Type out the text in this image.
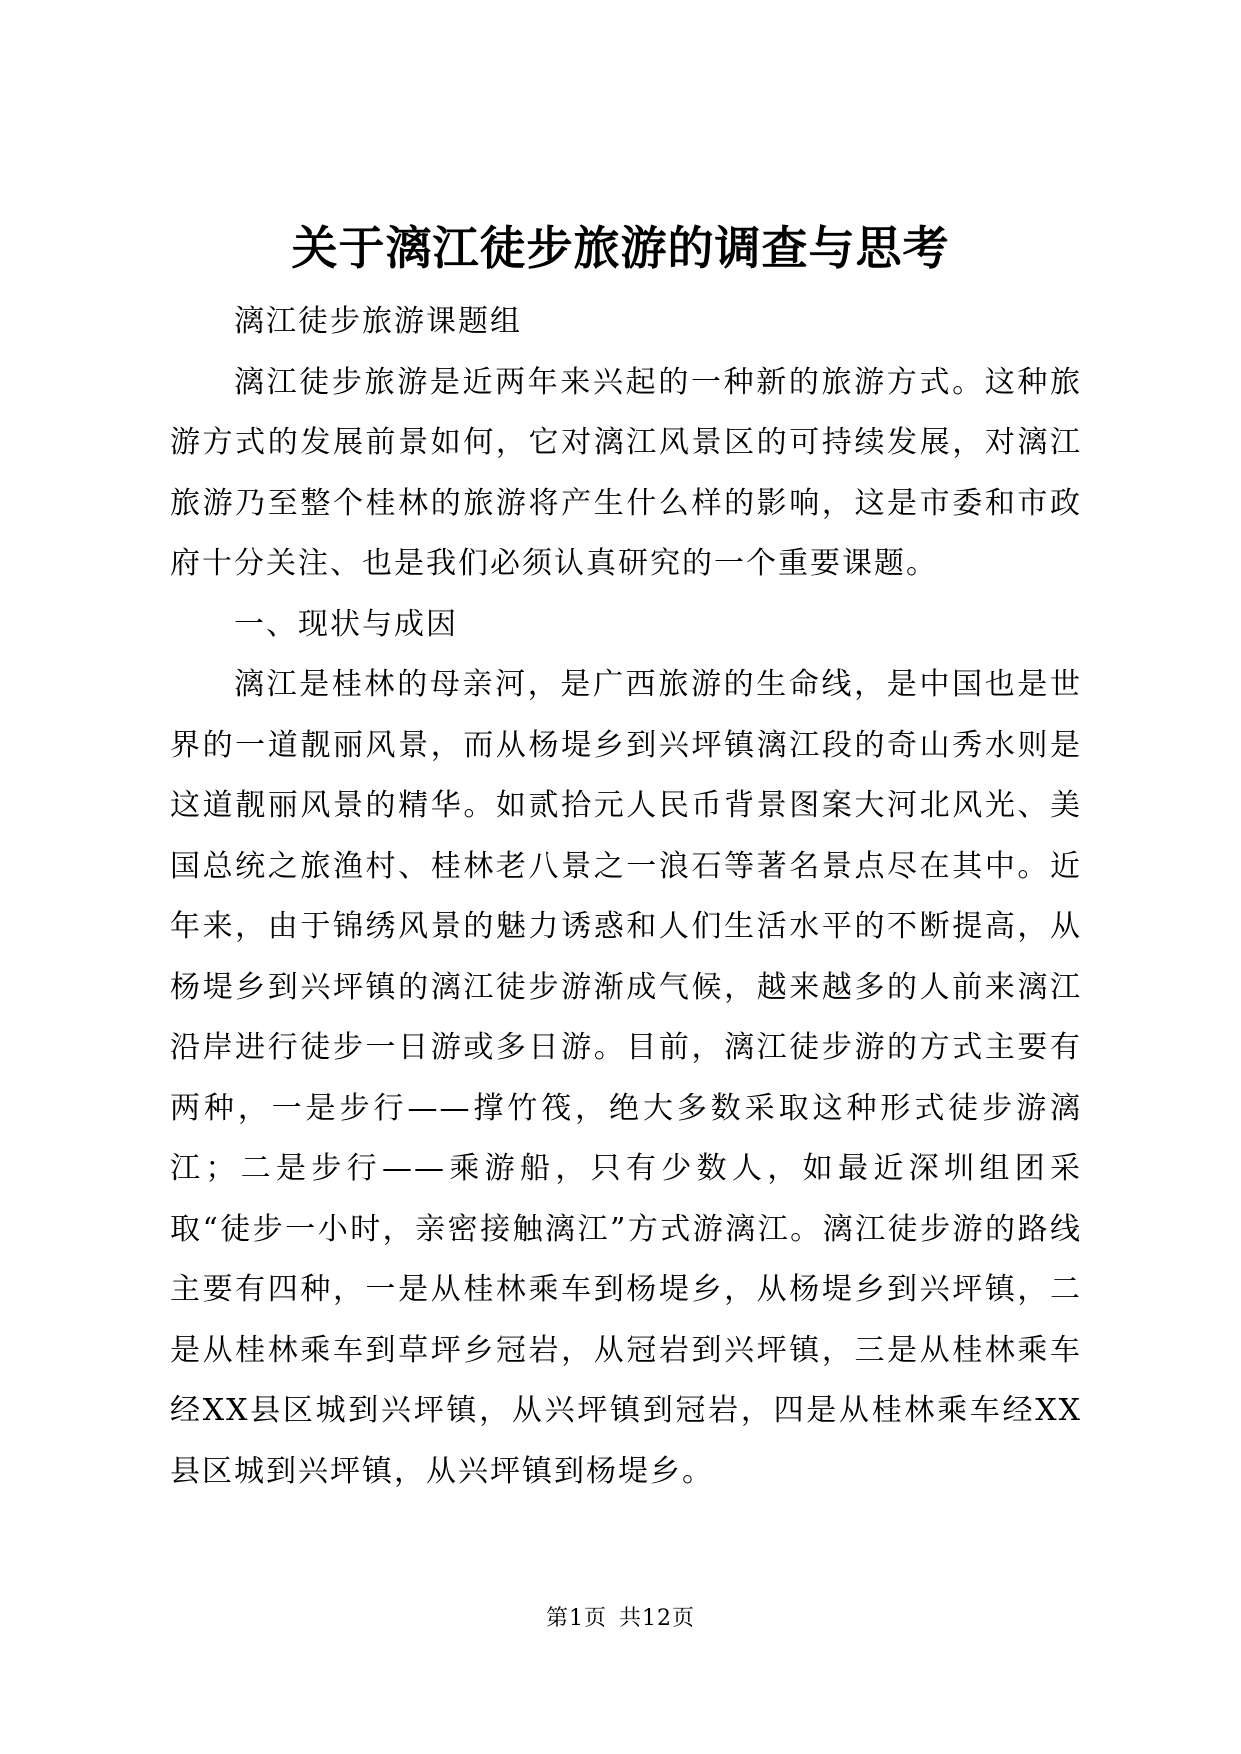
关于漓江徒步旅游的调查与思考

漓江徒步旅游课题组

漓江徒步旅游是近两年来兴起的一种新的旅游方式。这种旅游方式的发展前景如何，它对漓江风景区的可持续发展，对漓江旅游乃至整个桂林的旅游将产生什么样的影响，这是市委和市政府十分关注、也是我们必须认真研究的一个重要课题。

一、现状与成因

漓江是桂林的母亲河，是广西旅游的生命线，是中国也是世界的一道靓丽风景，而从杨堤乡到兴坪镇漓江段的奇山秀水则是这道靓丽风景的精华。如贰拾元人民币背景图案大河北风光、美国总统之旅渔村、桂林老八景之一浪石等著名景点尽在其中。近年来，由于锦绣风景的魅力诱惑和人们生活水平的不断提高，从杨堤乡到兴坪镇的漓江徒步游渐成气候，越来越多的人前来漓江沿岸进行徒步一日游或多日游。目前，漓江徒步游的方式主要有两种，一是步行——撑竹筏，绝大多数采取这种形式徒步游漓江；二是步行——乘游船，只有少数人，如最近深圳组团采取“徒步一小时，亲密接触漓江”方式游漓江。漓江徒步游的路线主要有四种，一是从桂林乘车到杨堤乡，从杨堤乡到兴坪镇，二是从桂林乘车到草坪乡冠岩，从冠岩到兴坪镇，三是从桂林乘车经XX县区城到兴坪镇，从兴坪镇到冠岩，四是从桂林乘车经XX县区城到兴坪镇，从兴坪镇到杨堤乡。

第1页 共12页
